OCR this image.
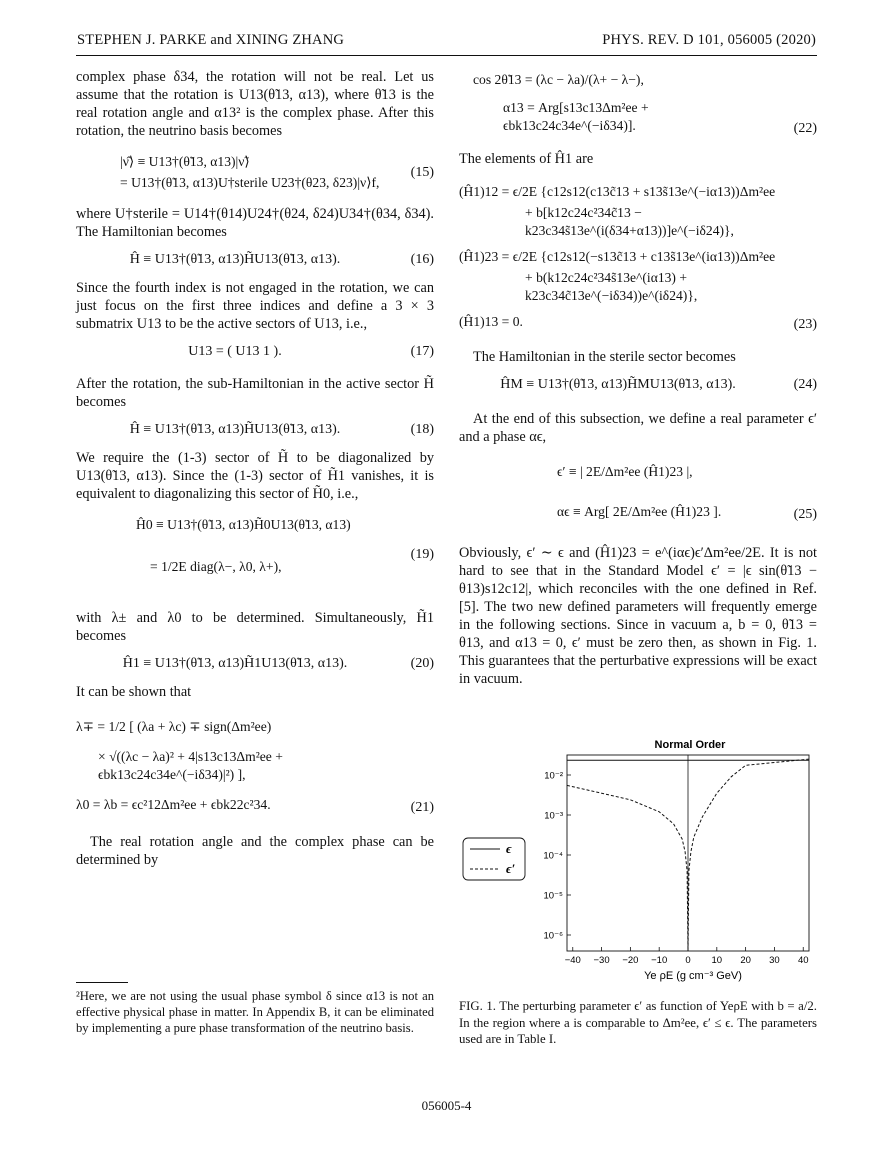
STEPHEN J. PARKE and XINING ZHANG	PHYS. REV. D 101, 056005 (2020)

complex phase δ34, the rotation will not be real. Let us assume that the rotation is U13(θ̃13, α13), where θ̃13 is the real rotation angle and α13² is the complex phase. After this rotation, the neutrino basis becomes

|ν̂⟩ ≡ U13†(θ̃13, α13)|ν̃⟩
= U13†(θ̃13, α13)U†sterile U23†(θ23, δ23)|ν⟩f,
(15)

where U†sterile = U14†(θ14)U24†(θ24, δ24)U34†(θ34, δ34). The Hamiltonian becomes

Ĥ ≡ U13†(θ̃13, α13)H̃U13(θ̃13, α13).	(16)

Since the fourth index is not engaged in the rotation, we can just focus on the first three indices and define a 3 × 3 submatrix U13 to be the active sectors of U13, i.e.,

U13 = ( U13 1 ).	(17)

After the rotation, the sub-Hamiltonian in the active sector H̃ becomes

Ĥ ≡ U13†(θ̃13, α13)H̃U13(θ̃13, α13).	(18)

We require the (1-3) sector of H̃ to be diagonalized by U13(θ̃13, α13). Since the (1-3) sector of H̃1 vanishes, it is equivalent to diagonalizing this sector of H̃0, i.e.,

Ĥ0 ≡ U13†(θ̃13, α13)H̃0U13(θ̃13, α13)
= 1/2E diag(λ−, λ0, λ+),
(19)

with λ± and λ0 to be determined. Simultaneously, H̃1 becomes

Ĥ1 ≡ U13†(θ̃13, α13)H̃1U13(θ̃13, α13).	(20)

It can be shown that

λ∓ = 1/2 [ (λa + λc) ∓ sign(Δm²ee)
× √((λc − λa)² + 4|s13c13Δm²ee + ϵbk13c24c34e^(−iδ34)|²) ],
λ0 = λb = ϵc²12Δm²ee + ϵbk22c²34.	(21)

The real rotation angle and the complex phase can be determined by

²Here, we are not using the usual phase symbol δ since α13 is not an effective physical phase in matter. In Appendix B, it can be eliminated by implementing a pure phase transformation of the neutrino basis.
cos 2θ̃13 = (λc − λa)/(λ+ − λ−),
α13 = Arg[s13c13Δm²ee + ϵbk13c24c34e^(−iδ34)].	(22)

The elements of Ĥ1 are

(Ĥ1)12 = ϵ/2E {c12s12(c13c̃13 + s13s̃13e^(−iα13))Δm²ee
+ b[k12c24c²34c̃13 − k23c34s̃13e^(i(δ34+α13))]e^(−iδ24)},
(Ĥ1)23 = ϵ/2E {c12s12(−s13c̃13 + c13s̃13e^(iα13))Δm²ee
+ b(k12c24c²34s̃13e^(iα13) + k23c34c̃13e^(−iδ34))e^(iδ24)},
(Ĥ1)13 = 0.	(23)

The Hamiltonian in the sterile sector becomes

ĤM ≡ U13†(θ̃13, α13)H̃MU13(θ̃13, α13).	(24)

At the end of this subsection, we define a real parameter ϵ′ and a phase αϵ,

ϵ′ ≡ | 2E/Δm²ee (Ĥ1)23 |,
αϵ ≡ Arg[ 2E/Δm²ee (Ĥ1)23 ].	(25)

Obviously, ϵ′ ∼ ϵ and (Ĥ1)23 = e^(iαϵ)ϵ′Δm²ee/2E. It is not hard to see that in the Standard Model ϵ′ = |ϵ sin(θ̃13 − θ13)s12c12|, which reconciles with the one defined in Ref. [5]. The two new defined parameters will frequently emerge in the following sections. Since in vacuum a, b = 0, θ̃13 = θ13, and α13 = 0, ϵ′ must be zero then, as shown in Fig. 1. This guarantees that the perturbative expressions will be exact in vacuum.

Normal Order
−40 −30 −20 −10 0 10 20 30 40
10⁻²
10⁻³
10⁻⁴
10⁻⁵
10⁻⁶
Ye ρE (g cm⁻³ GeV)
ϵ
ϵ′
FIG. 1. The perturbing parameter ϵ′ as function of YeρE with b = a/2. In the region where a is comparable to Δm²ee, ϵ′ ≤ ϵ. The parameters used are in Table I.
056005-4
